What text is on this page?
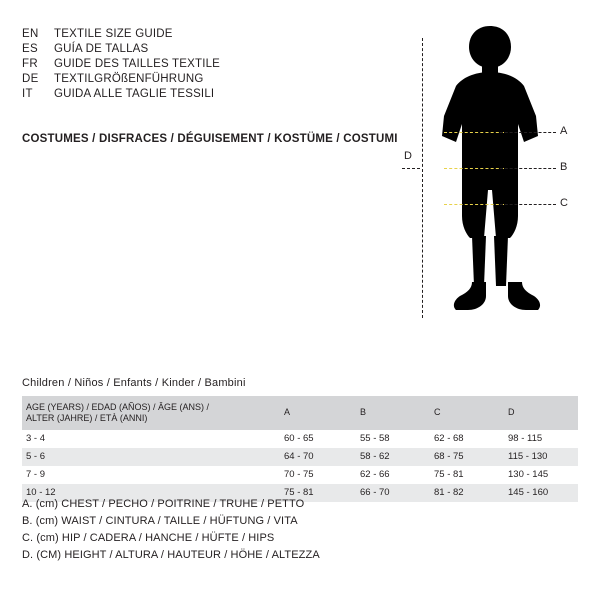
EN	TEXTILE SIZE GUIDE
ES	GUÍA DE TALLAS
FR	GUIDE DES TAILLES TEXTILE
DE	TEXTILGRÖßENFÜHRUNG
IT	GUIDA ALLE TAGLIE TESSILI
COSTUMES / DISFRACES / DÉGUISEMENT / KOSTÜME / COSTUMI
A
B
C
D
Children / Niños / Enfants / Kinder / Bambini
AGE (YEARS) / EDAD (AÑOS) / ÂGE (ANS) /
ALTER (JAHRE) / ETÀ (ANNI)	A	B	C	D
3 - 4	60 - 65	55 - 58	62 - 68	98 - 115
5 - 6	64 - 70	58 - 62	68 - 75	115 - 130
7 - 9	70 - 75	62 - 66	75 - 81	130 - 145
10 - 12	75 - 81	66 - 70	81 - 82	145 - 160
A. (cm) CHEST / PECHO / POITRINE / TRUHE / PETTO
B. (cm) WAIST / CINTURA / TAILLE / HÜFTUNG / VITA
C. (cm) HIP / CADERA / HANCHE / HÜFTE / HIPS
D. (CM) HEIGHT / ALTURA / HAUTEUR / HÖHE / ALTEZZA
